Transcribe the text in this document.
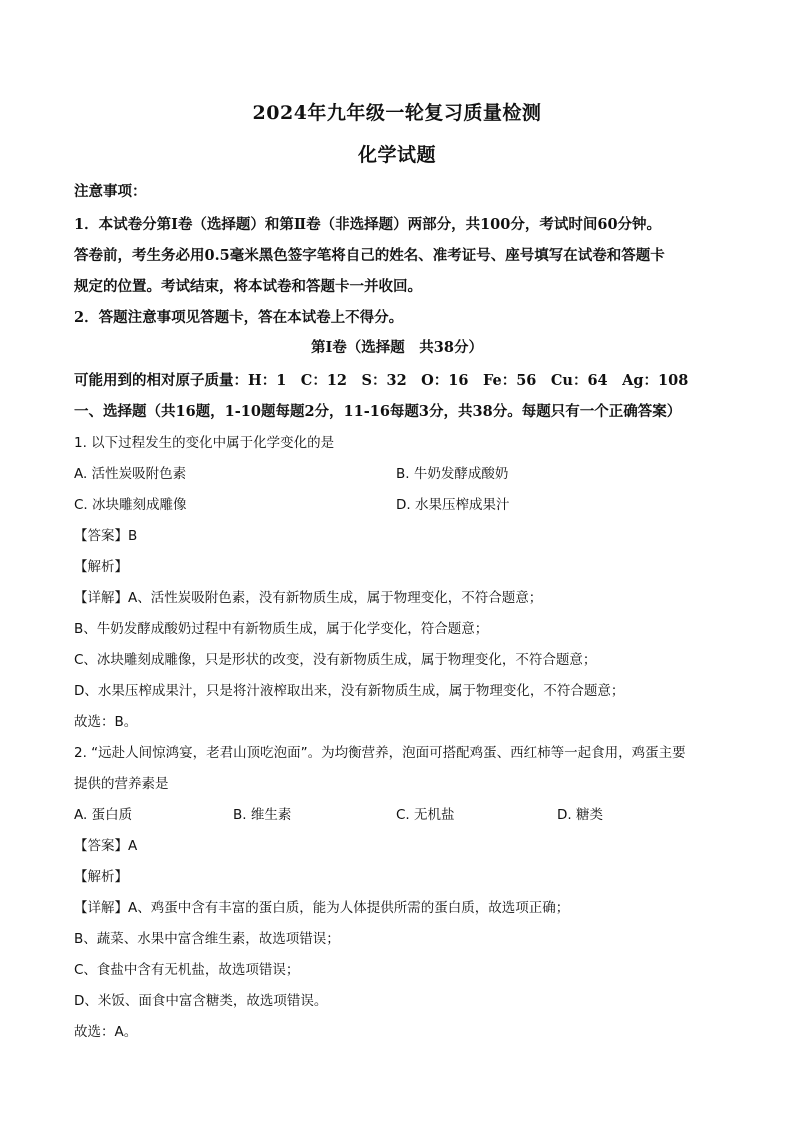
2024年九年级一轮复习质量检测
化学试题
注意事项：
1．本试卷分第Ⅰ卷（选择题）和第Ⅱ卷（非选择题）两部分，共100分，考试时间60分钟。
答卷前，考生务必用0.5毫米黑色签字笔将自己的姓名、准考证号、座号填写在试卷和答题卡
规定的位置。考试结束，将本试卷和答题卡一并收回。
2．答题注意事项见答题卡，答在本试卷上不得分。
第Ⅰ卷（选择题　共38分）
可能用到的相对原子质量：H：1　C：12　S：32　O：16　Fe：56　Cu：64　Ag：108
一、选择题（共16题，1-10题每题2分，11-16每题3分，共38分。每题只有一个正确答案）
1. 以下过程发生的变化中属于化学变化的是
A. 活性炭吸附色素	B. 牛奶发酵成酸奶
C. 冰块雕刻成雕像	D. 水果压榨成果汁
【答案】B
【解析】
【详解】A、活性炭吸附色素，没有新物质生成，属于物理变化，不符合题意；
B、牛奶发酵成酸奶过程中有新物质生成，属于化学变化，符合题意；
C、冰块雕刻成雕像，只是形状的改变，没有新物质生成，属于物理变化，不符合题意；
D、水果压榨成果汁，只是将汁液榨取出来，没有新物质生成，属于物理变化，不符合题意；
故选：B。
2. “远赴人间惊鸿宴，老君山顶吃泡面”。为均衡营养，泡面可搭配鸡蛋、西红柿等一起食用，鸡蛋主要
提供的营养素是
A. 蛋白质	B. 维生素	C. 无机盐	D. 糖类
【答案】A
【解析】
【详解】A、鸡蛋中含有丰富的蛋白质，能为人体提供所需的蛋白质，故选项正确；
B、蔬菜、水果中富含维生素，故选项错误；
C、食盐中含有无机盐，故选项错误；
D、米饭、面食中富含糖类，故选项错误。
故选：A。
